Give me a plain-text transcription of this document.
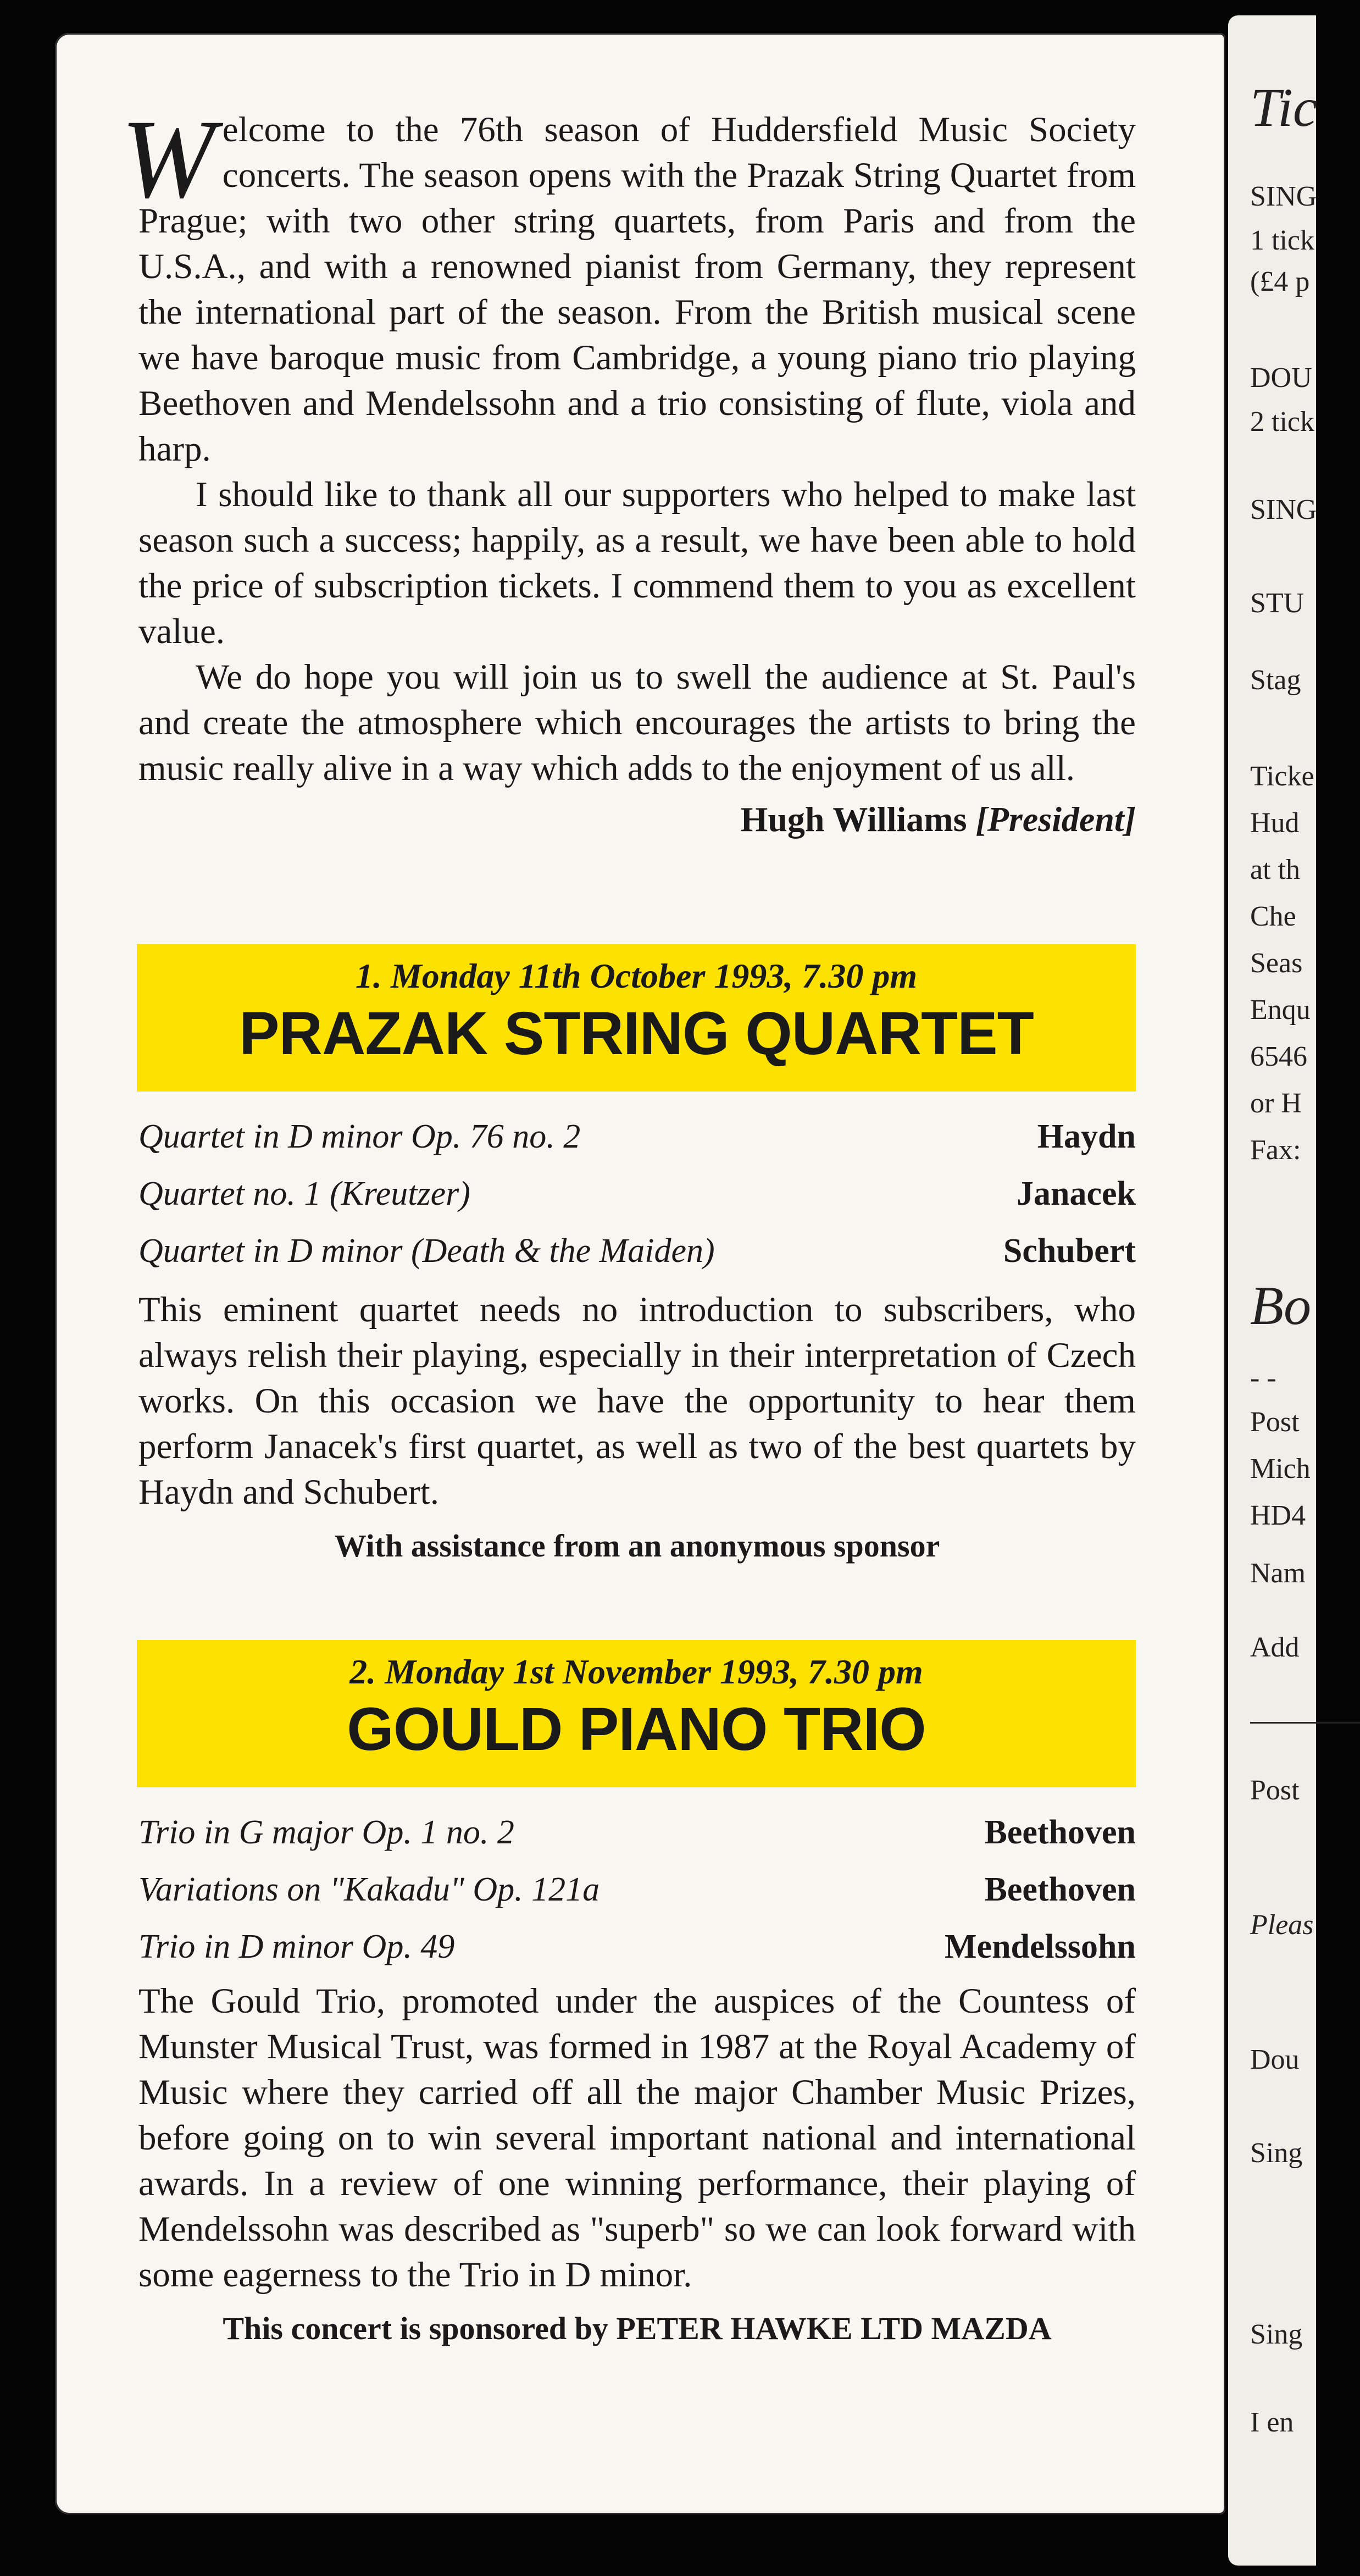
Welcome to the 76th season of Huddersfield Music Society concerts. The season opens with the Prazak String Quartet from Prague; with two other string quartets, from Paris and from the U.S.A., and with a renowned pianist from Germany, they represent the international part of the season. From the British musical scene we have baroque music from Cambridge, a young piano trio playing Beethoven and Mendelssohn and a trio consisting of flute, viola and harp.

I should like to thank all our supporters who helped to make last season such a success; happily, as a result, we have been able to hold the price of subscription tickets. I commend them to you as excellent value.

We do hope you will join us to swell the audience at St. Paul's and create the atmosphere which encourages the artists to bring the music really alive in a way which adds to the enjoyment of us all.

Hugh Williams [President]
1. Monday 11th October 1993, 7.30 pm
PRAZAK STRING QUARTET
Quartet in D minor Op. 76 no. 2	Haydn
Quartet no. 1 (Kreutzer)	Janacek
Quartet in D minor (Death & the Maiden)	Schubert

This eminent quartet needs no introduction to subscribers, who always relish their playing, especially in their interpretation of Czech works. On this occasion we have the opportunity to hear them perform Janacek's first quartet, as well as two of the best quartets by Haydn and Schubert.

With assistance from an anonymous sponsor
2. Monday 1st November 1993, 7.30 pm
GOULD PIANO TRIO
Trio in G major Op. 1 no. 2	Beethoven
Variations on "Kakadu" Op. 121a	Beethoven
Trio in D minor Op. 49	Mendelssohn

The Gould Trio, promoted under the auspices of the Countess of Munster Musical Trust, was formed in 1987 at the Royal Academy of Music where they carried off all the major Chamber Music Prizes, before going on to win several important national and international awards. In a review of one winning performance, their playing of Mendelssohn was described as "superb" so we can look forward with some eagerness to the Trio in D minor.

This concert is sponsored by PETER HAWKE LTD MAZDA
Tic
SING
1 tick
(£4 p
DOU
2 tick
SING
STU
Stag
Ticke
Hud
at th
Che
Seas
Enqu
6546
or H
Fax:
Bo
- -
Post
Mich
HD4
Nam
Add
Post
Pleas
Dou
Sing
Sing
I en
